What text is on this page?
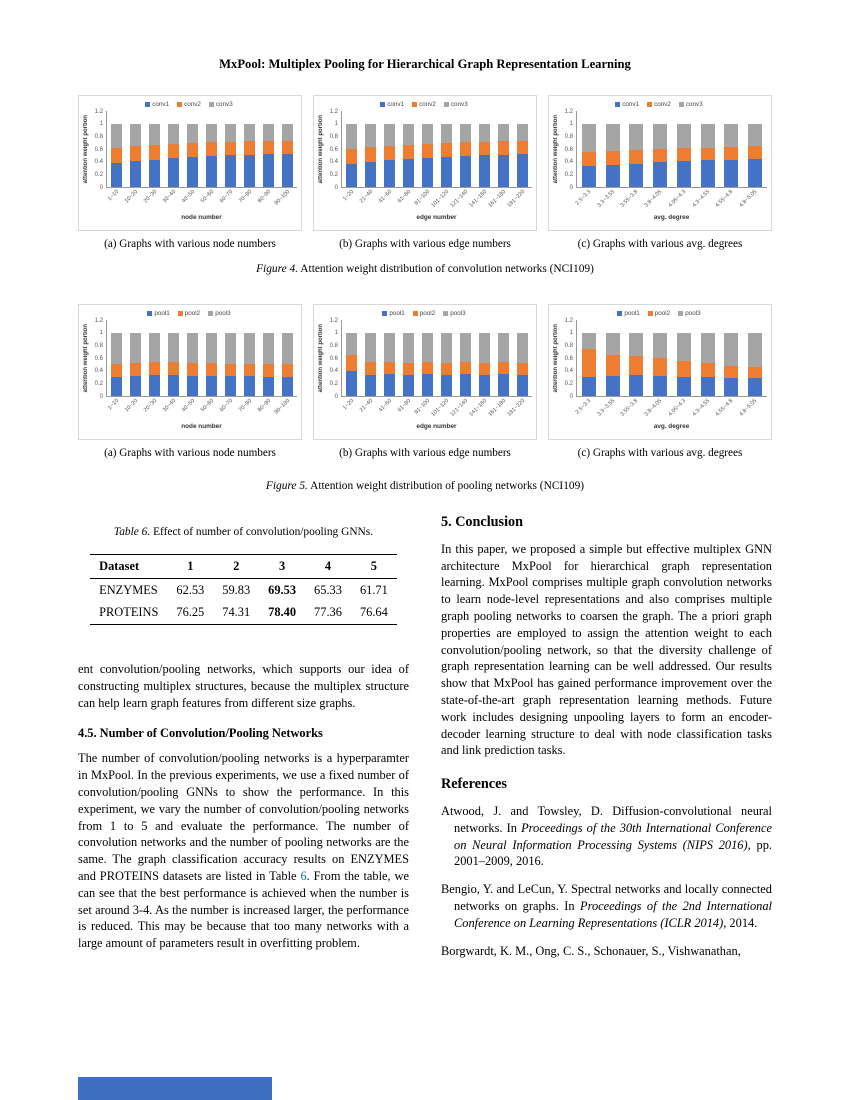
MxPool: Multiplex Pooling for Hierarchical Graph Representation Learning
conv1 conv2 conv3
attention weight portion
0
0.2
0.4
0.6
0.8
1
1.2
1~10 10~20 20~30 30~40 40~50 50~60 60~70 70~80 80~90 90~100
node number
(a) Graphs with various node numbers
conv1 conv2 conv3
attention weight portion
0
0.2
0.4
0.6
0.8
1
1.2
1~20 21~40 41~60 61~80 81~100 101~120 121~140 141~160 161~180 181~220
edge number
(b) Graphs with various edge numbers
conv1 conv2 conv3
attention weight portion
0
0.2
0.4
0.6
0.8
1
1.2
2.5~3.3 3.3~3.55 3.55~3.8 3.8~4.05 4.05~4.3 4.3~4.55 4.55~4.8 4.8~5.05
avg. degree
(c) Graphs with various avg. degrees
Figure 4. Attention weight distribution of convolution networks (NCI109)
pool1 pool2 pool3
attention weight portion
0
0.2
0.4
0.6
0.8
1
1.2
1~10 10~20 20~30 30~40 40~50 50~60 60~70 70~80 80~90 90~100
node number
(a) Graphs with various node numbers
pool1 pool2 pool3
attention weight portion
0
0.2
0.4
0.6
0.8
1
1.2
1~20 21~40 41~60 61~80 81~100 101~120 121~140 141~160 161~180 181~220
edge number
(b) Graphs with various edge numbers
pool1 pool2 pool3
attention weight portion
0
0.2
0.4
0.6
0.8
1
1.2
2.5~3.3 3.3~3.55 3.55~3.8 3.8~4.05 4.05~4.3 4.3~4.55 4.55~4.8 4.8~5.05
avg. degree
(c) Graphs with various avg. degrees
Figure 5. Attention weight distribution of pooling networks (NCI109)
Table 6. Effect of number of convolution/pooling GNNs.
Dataset	1	2	3	4	5
ENZYMES	62.53	59.83	69.53	65.33	61.71
PROTEINS	76.25	74.31	78.40	77.36	76.64

ent convolution/pooling networks, which supports our idea of constructing multiplex structures, because the multiplex structure can help learn graph features from different size graphs.

4.5. Number of Convolution/Pooling Networks

The number of convolution/pooling networks is a hyperparamter in MxPool. In the previous experiments, we use a fixed number of convolution/pooling GNNs to show the performance. In this experiment, we vary the number of convolution/pooling networks from 1 to 5 and evaluate the performance. The number of convolution networks and the number of pooling networks are the same. The graph classification accuracy results on ENZYMES and PROTEINS datasets are listed in Table 6. From the table, we can see that the best performance is achieved when the number is set around 3-4. As the number is increased larger, the performance is reduced. This may be because that too many networks with a large amount of parameters result in overfitting problem.

5. Conclusion

In this paper, we proposed a simple but effective multiplex GNN architecture MxPool for hierarchical graph representation learning. MxPool comprises multiple graph convolution networks to learn node-level representations and also comprises multiple graph pooling networks to coarsen the graph. The a priori graph properties are employed to assign the attention weight to each convolution/pooling network, so that the diversity challenge of graph representation learning can be well addressed. Our results show that MxPool has gained performance improvement over the state-of-the-art graph representation learning methods. Future work includes designing unpooling layers to form an encoder-decoder learning structure to deal with node classification tasks and link prediction tasks.

References

Atwood, J. and Towsley, D. Diffusion-convolutional neural networks. In Proceedings of the 30th International Conference on Neural Information Processing Systems (NIPS 2016), pp. 2001–2009, 2016.

Bengio, Y. and LeCun, Y. Spectral networks and locally connected networks on graphs. In Proceedings of the 2nd International Conference on Learning Representations (ICLR 2014), 2014.

Borgwardt, K. M., Ong, C. S., Schonauer, S., Vishwanathan,
